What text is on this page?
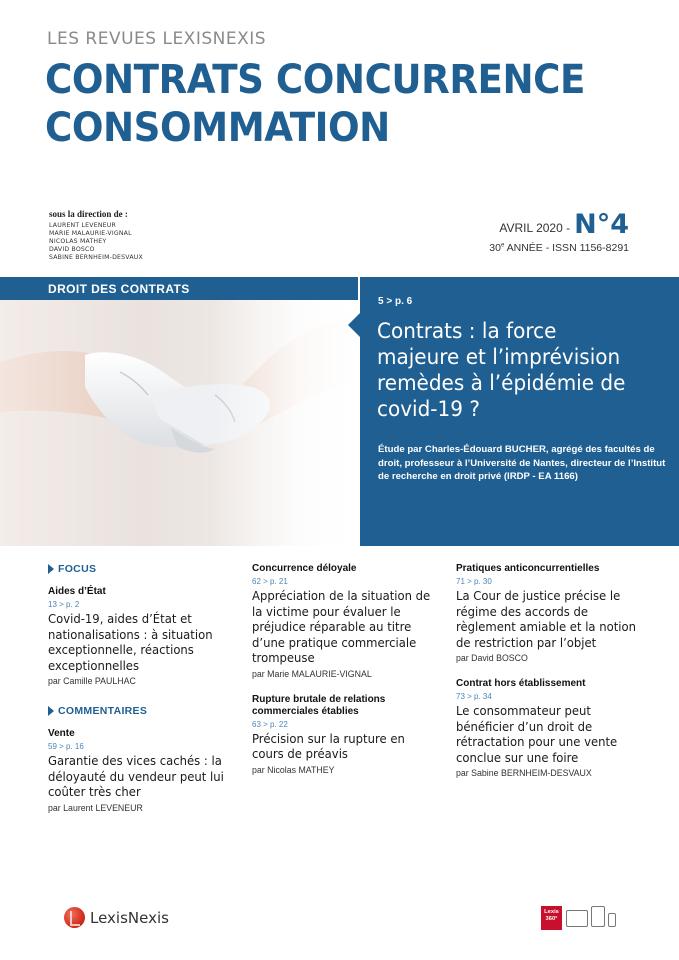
LES REVUES LEXISNEXIS
CONTRATS CONCURRENCE
CONSOMMATION
sous la direction de :
LAURENT LEVENEUR
MARIE MALAURIE-VIGNAL
NICOLAS MATHEY
DAVID BOSCO
SABINE BERNHEIM-DESVAUX
AVRIL 2020 - N°4
30e ANNÉE - ISSN 1156-8291
DROIT DES CONTRATS
5 > p. 6
Contrats : la force majeure et l’imprévision remèdes à l’épidémie de covid-19 ?
Étude par Charles-Édouard BUCHER, agrégé des facultés de droit, professeur à l’Université de Nantes, directeur de l’Institut de recherche en droit privé (IRDP - EA 1166)
FOCUS
Aides d’État
13 > p. 2
Covid-19, aides d’État et nationalisations : à situation exceptionnelle, réactions exceptionnelles
par Camille PAULHAC
COMMENTAIRES
Vente
59 > p. 16
Garantie des vices cachés : la déloyauté du vendeur peut lui coûter très cher
par Laurent LEVENEUR
Concurrence déloyale
62 > p. 21
Appréciation de la situation de la victime pour évaluer le préjudice réparable au titre d’une pratique commerciale trompeuse
par Marie MALAURIE-VIGNAL
Rupture brutale de relations commerciales établies
63 > p. 22
Précision sur la rupture en cours de préavis
par Nicolas MATHEY
Pratiques anticoncurrentielles
71 > p. 30
La Cour de justice précise le régime des accords de règlement amiable et la notion de restriction par l’objet
par David BOSCO
Contrat hors établissement
73 > p. 34
Le consommateur peut bénéficier d’un droit de rétractation pour une vente conclue sur une foire
par Sabine BERNHEIM-DESVAUX
LexisNexis	Lexis
360°
